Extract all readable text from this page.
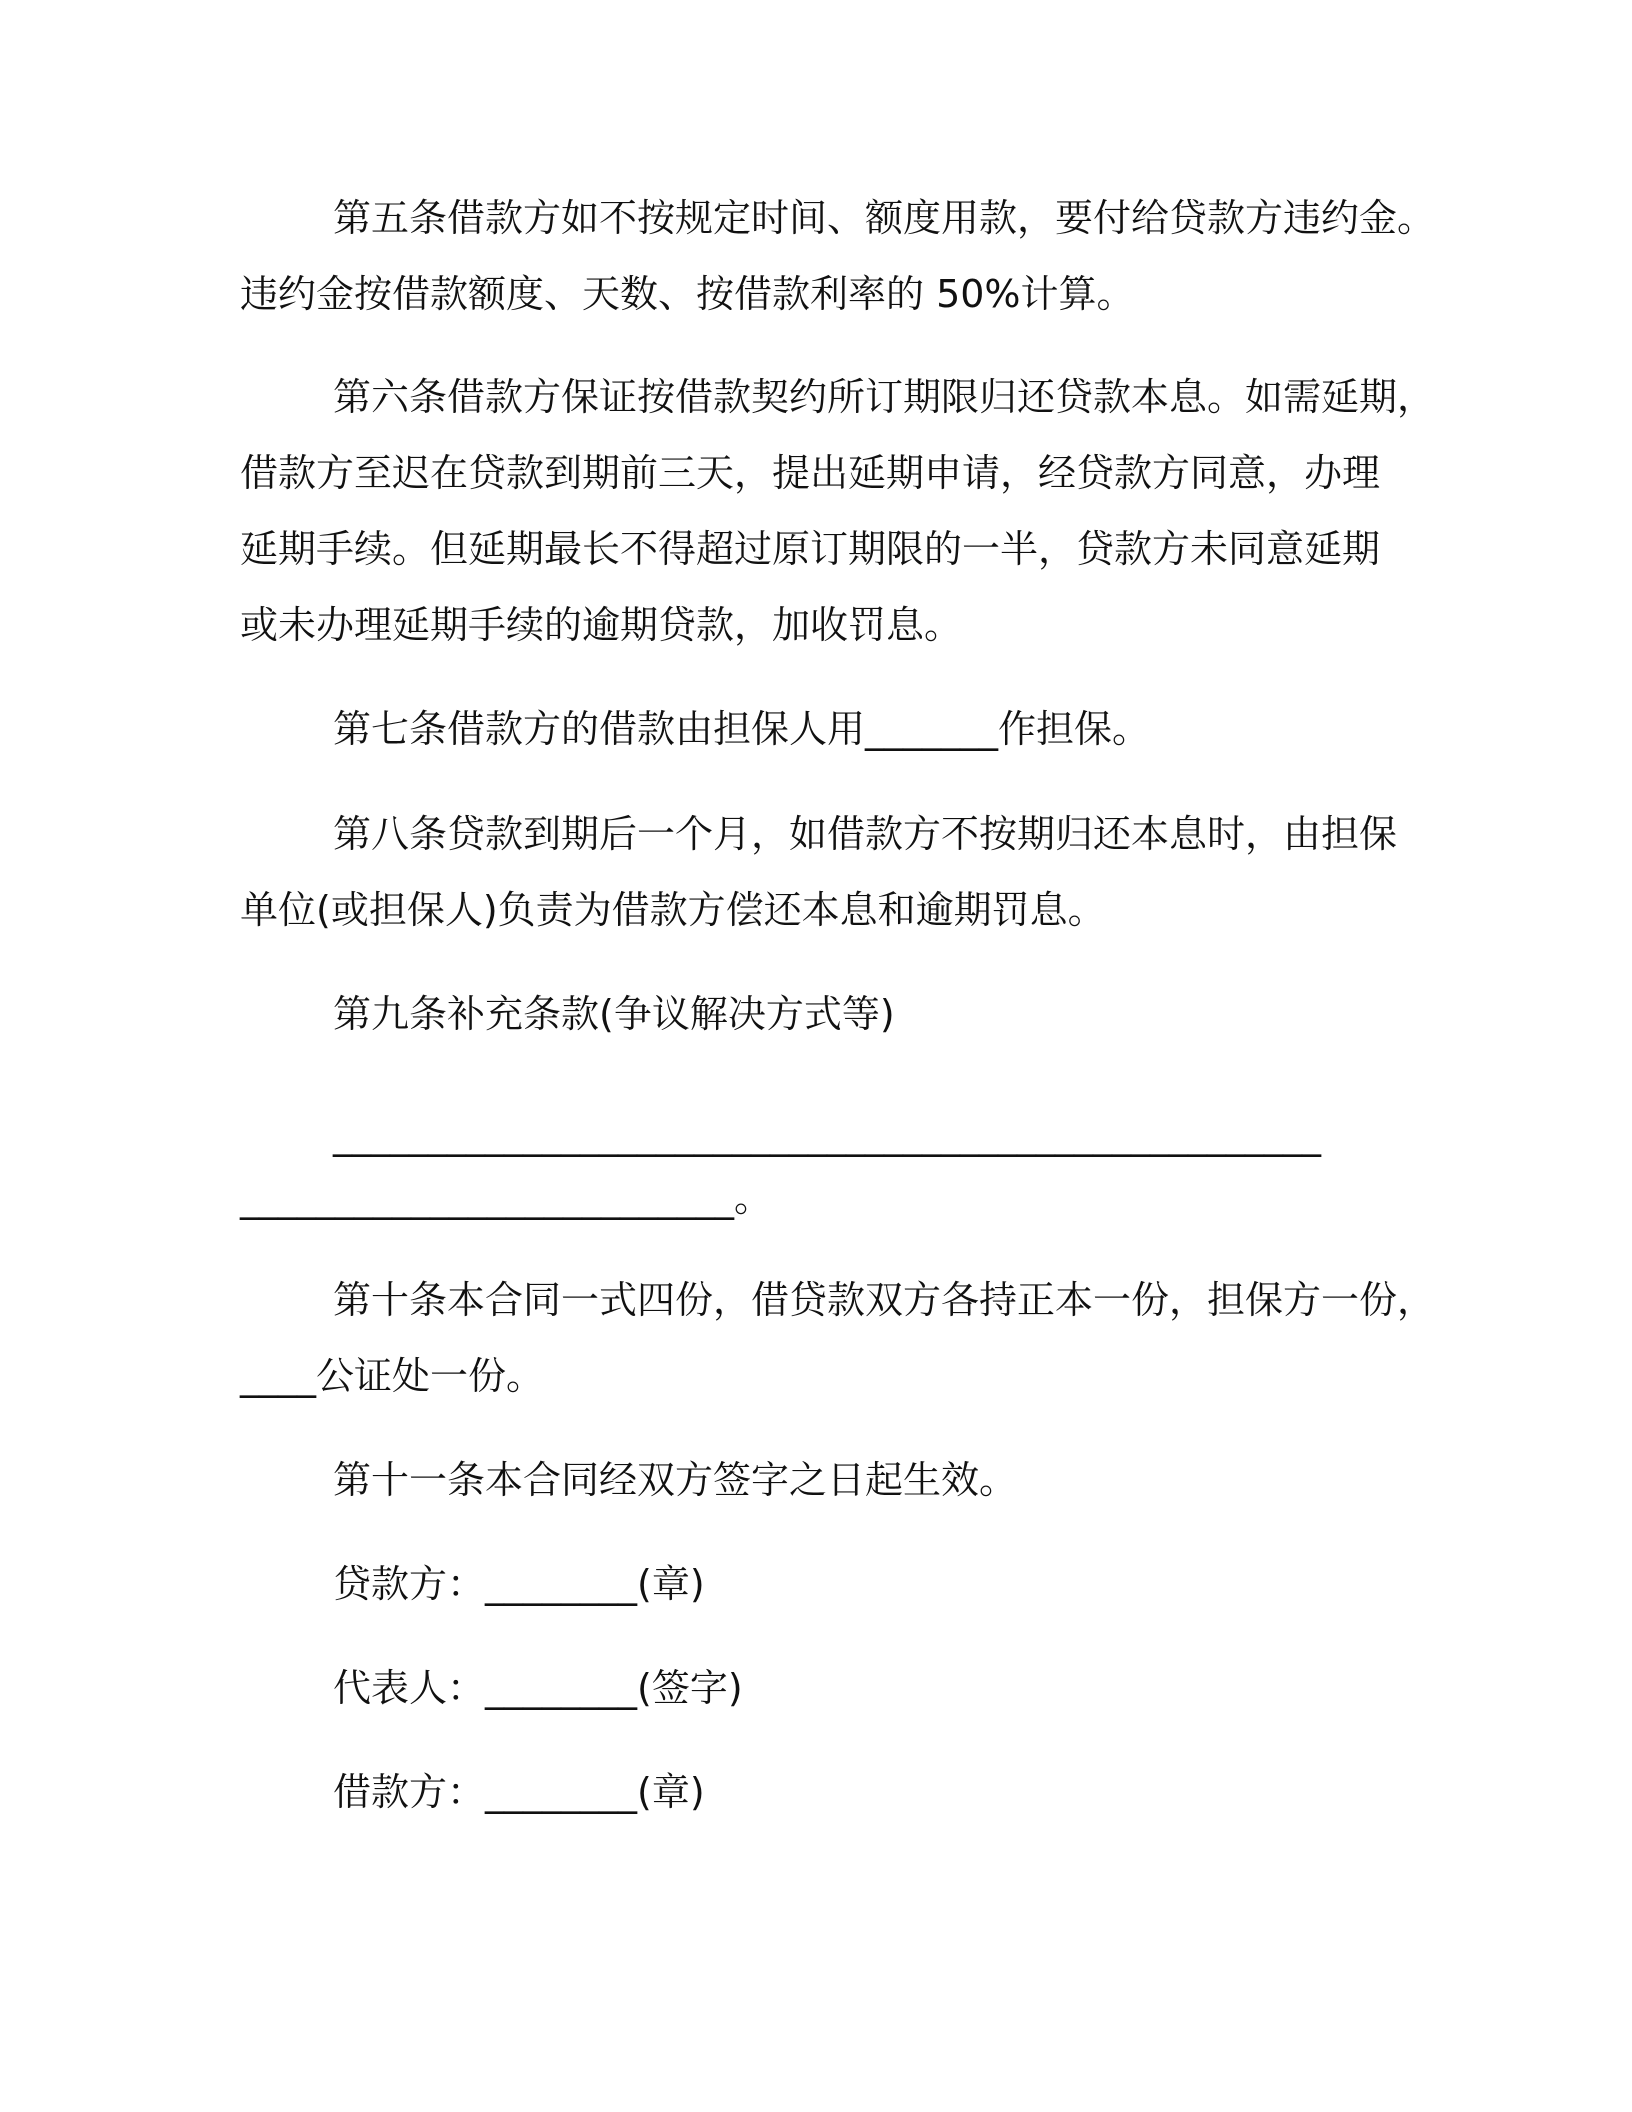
第五条借款方如不按规定时间、额度用款，要付给贷款方违约金。
违约金按借款额度、天数、按借款利率的 50%计算。
第六条借款方保证按借款契约所订期限归还贷款本息。如需延期，
借款方至迟在贷款到期前三天，提出延期申请，经贷款方同意，办理
延期手续。但延期最长不得超过原订期限的一半，贷款方未同意延期
或未办理延期手续的逾期贷款，加收罚息。
第七条借款方的借款由担保人用_______作担保。
第八条贷款到期后一个月，如借款方不按期归还本息时，由担保
单位(或担保人)负责为借款方偿还本息和逾期罚息。
第九条补充条款(争议解决方式等)
____________________________________________________
__________________________。
第十条本合同一式四份，借贷款双方各持正本一份，担保方一份，
____公证处一份。
第十一条本合同经双方签字之日起生效。
贷款方：________(章)
代表人：________(签字)
借款方：________(章)
